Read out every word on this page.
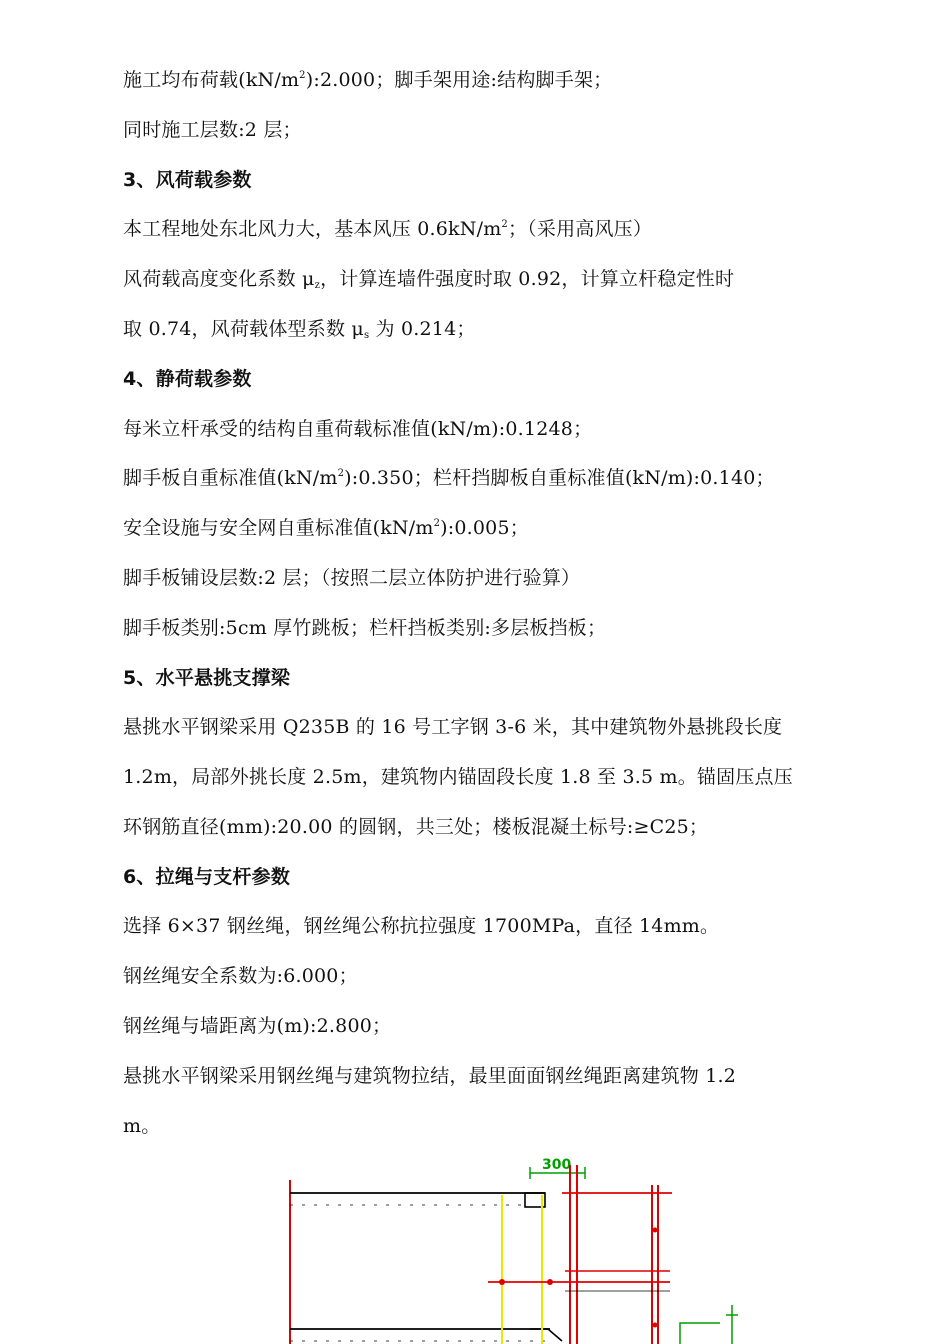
施工均布荷载$(kN/m^2):2.000$；脚手架用途:结构脚手架；
同时施工层数:2 层；
3、风荷载参数
本工程地处东北风力大，基本风压 $0.6kN/m^2$；（采用高风压）
风荷载高度变化系数 $\mu_z$，计算连墙件强度时取 0.92，计算立杆稳定性时
取 0.74，风荷载体型系数 $\mu_s$ 为 0.214；
4、静荷载参数
每米立杆承受的结构自重荷载标准值(kN/m):0.1248；
脚手板自重标准值$(kN/m^2):0.350$；栏杆挡脚板自重标准值(kN/m):0.140；
安全设施与安全网自重标准值$(kN/m^2):0.005$；
脚手板铺设层数:2 层；（按照二层立体防护进行验算）
脚手板类别:5cm 厚竹跳板；栏杆挡板类别:多层板挡板；
5、水平悬挑支撑梁
悬挑水平钢梁采用 Q235B 的 16 号工字钢 3-6 米，其中建筑物外悬挑段长度
1.2m，局部外挑长度 2.5m，建筑物内锚固段长度 1.8 至 3.5 m。锚固压点压
环钢筋直径(mm):20.00 的圆钢，共三处；楼板混凝土标号:≥C25；
6、拉绳与支杆参数
选择 6×37 钢丝绳，钢丝绳公称抗拉强度 1700MPa，直径 14mm。
钢丝绳安全系数为:6.000；
钢丝绳与墙距离为(m):2.800；
悬挑水平钢梁采用钢丝绳与建筑物拉结，最里面面钢丝绳距离建筑物 1.2
m。
300
